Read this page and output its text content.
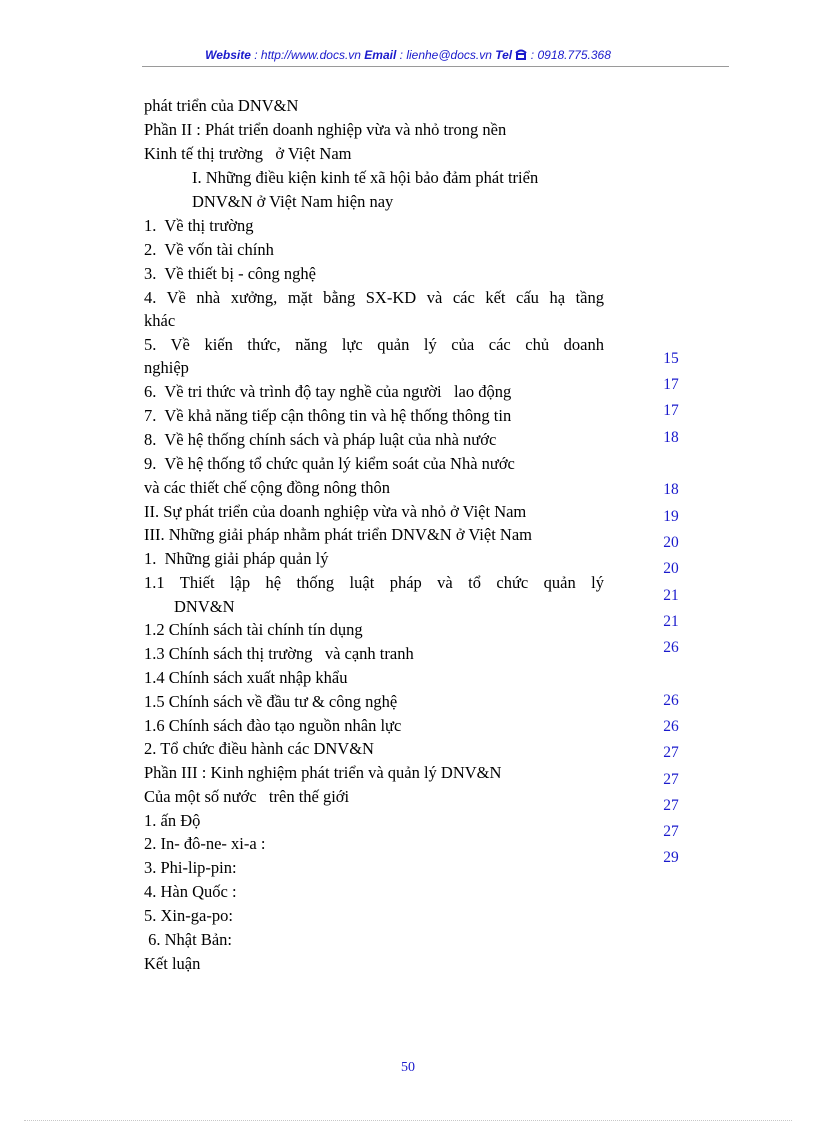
Website : http://www.docs.vn Email : lienhe@docs.vn Tel  : 0918.775.368
phát triển của DNV&N
Phần II : Phát triển doanh nghiệp vừa và nhỏ trong nền
Kinh tế thị trường   ở Việt Nam
I. Những điều kiện kinh tế xã hội bảo đảm phát triển
DNV&N ở Việt Nam hiện nay
1.  Về thị trường
2.  Về vốn tài chính
3.  Về thiết bị - công nghệ
4. Về nhà xưởng, mặt bằng SX-KD và các kết cấu hạ tầng
khác
5. Về kiến thức, năng lực quản lý của các chủ doanh
nghiệp
6.  Về tri thức và trình độ tay nghề của người   lao động
7.  Về khả năng tiếp cận thông tin và hệ thống thông tin
8.  Về hệ thống chính sách và pháp luật của nhà nước
9.  Về hệ thống tổ chức quản lý kiểm soát của Nhà nước
và các thiết chế cộng đồng nông thôn
II. Sự phát triển của doanh nghiệp vừa và nhỏ ở Việt Nam
III. Những giải pháp nhằm phát triển DNV&N ở Việt Nam
1.  Những giải pháp quản lý
1.1 Thiết lập hệ thống luật pháp và tổ chức quản lý
DNV&N
1.2 Chính sách tài chính tín dụng
1.3 Chính sách thị trường   và cạnh tranh
1.4 Chính sách xuất nhập khẩu
1.5 Chính sách về đầu tư & công nghệ
1.6 Chính sách đào tạo nguồn nhân lực
2. Tổ chức điều hành các DNV&N
Phần III : Kinh nghiệm phát triển và quản lý DNV&N
Của một số nước   trên thế giới
1. ấn Độ
2. In- đô-ne- xi-a :
3. Phi-lip-pin:
4. Hàn Quốc :
5. Xin-ga-po:
6. Nhật Bản:
Kết luận
15
17
17
18
18
19
20
20
21
21
26
26
26
27
27
27
27
29
50
